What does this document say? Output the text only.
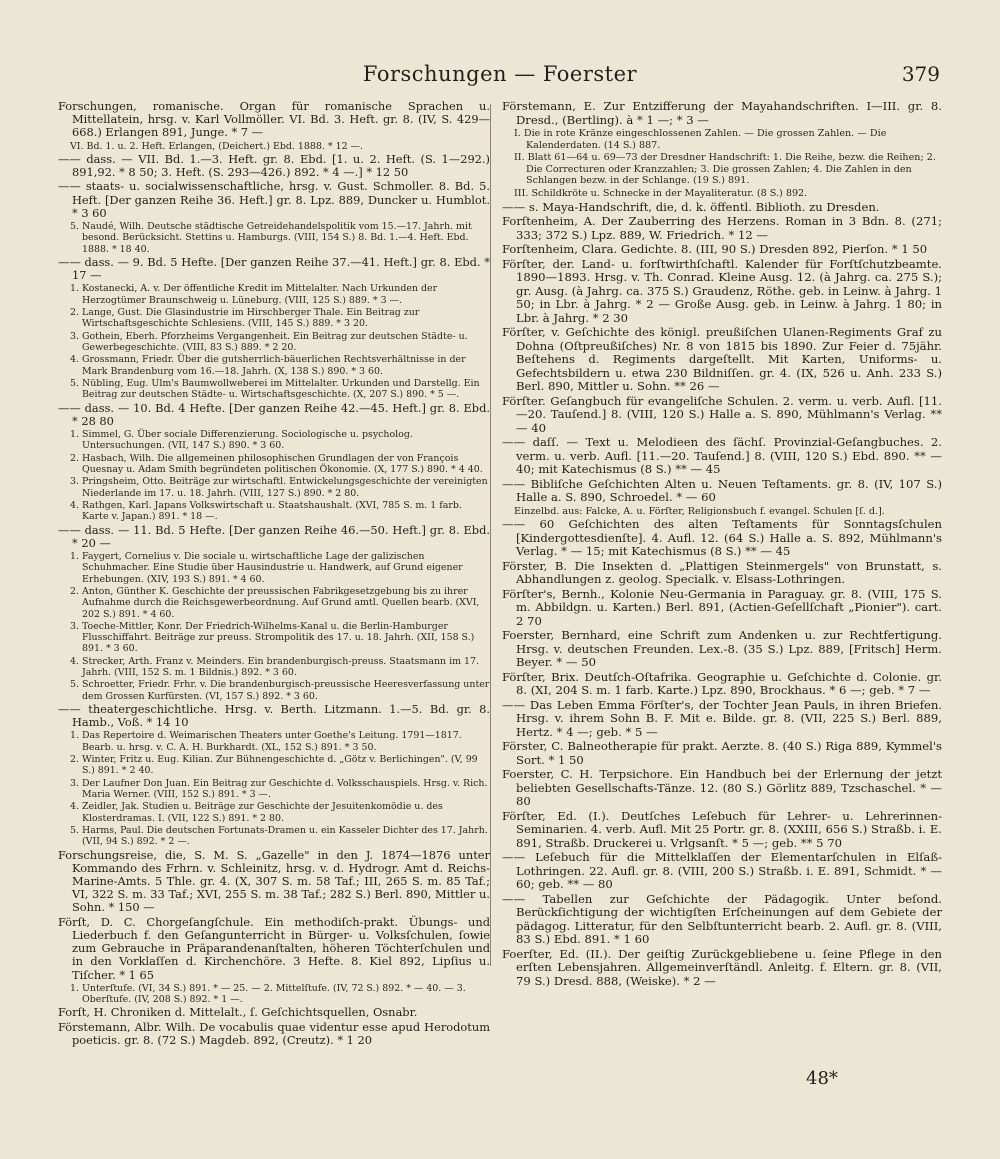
Forschungen — Foerster	379

Forschungen, romanische. Organ für romanische Sprachen u. Mittellatein, hrsg. v. Karl Vollmöller. VI. Bd. 3. Heft. gr. 8. (IV, S. 429—668.) Erlangen 891, Junge. * 7 —

VI. Bd. 1. u. 2. Heft. Erlangen, (Deichert.) Ebd. 1888. * 12 —.

—— dass. — VII. Bd. 1.—3. Heft. gr. 8. Ebd. [1. u. 2. Heft. (S. 1—292.) 891,92. * 8 50; 3. Heft. (S. 293—426.) 892. * 4 —.] * 12 50

—— staats- u. socialwissenschaftliche, hrsg. v. Gust. Schmoller. 8. Bd. 5. Heft. [Der ganzen Reihe 36. Heft.] gr. 8. Lpz. 889, Duncker u. Humblot. * 3 60

5. Naudé, Wilh. Deutsche städtische Getreidehandelspolitik vom 15.—17. Jahrh. mit besond. Berücksicht. Stettins u. Hamburgs. (VIII, 154 S.) 8. Bd. 1.—4. Heft. Ebd. 1888. * 18 40.

—— dass. — 9. Bd. 5 Hefte. [Der ganzen Reihe 37.—41. Heft.] gr. 8. Ebd. * 17 —

1. Kostanecki, A. v. Der öffentliche Kredit im Mittelalter. Nach Urkunden der Herzogtümer Braunschweig u. Lüneburg. (VIII, 125 S.) 889. * 3 —.

2. Lange, Gust. Die Glasindustrie im Hirschberger Thale. Ein Beitrag zur Wirtschaftsgeschichte Schlesiens. (VIII, 145 S.) 889. * 3 20.

3. Gothein, Eberh. Pforzheims Vergangenheit. Ein Beitrag zur deutschen Städte- u. Gewerbegeschichte. (VIII, 83 S.) 889. * 2 20.

4. Grossmann, Friedr. Über die gutsherrlich-bäuerlichen Rechtsverhältnisse in der Mark Brandenburg vom 16.—18. Jahrh. (X, 138 S.) 890. * 3 60.

5. Nübling, Eug. Ulm's Baumwollweberei im Mittelalter. Urkunden und Darstellg. Ein Beitrag zur deutschen Städte- u. Wirtschaftsgeschichte. (X, 207 S.) 890. * 5 —.

—— dass. — 10. Bd. 4 Hefte. [Der ganzen Reihe 42.—45. Heft.] gr. 8. Ebd. * 28 80

1. Simmel, G. Über sociale Differenzierung. Sociologische u. psycholog. Untersuchungen. (VII, 147 S.) 890. * 3 60.

2. Hasbach, Wilh. Die allgemeinen philosophischen Grundlagen der von François Quesnay u. Adam Smith begründeten politischen Ökonomie. (X, 177 S.) 890. * 4 40.

3. Pringsheim, Otto. Beiträge zur wirtschaftl. Entwickelungsgeschichte der vereinigten Niederlande im 17. u. 18. Jahrh. (VIII, 127 S.) 890. * 2 80.

4. Rathgen, Karl. Japans Volkswirtschaft u. Staatshaushalt. (XVI, 785 S. m. 1 farb. Karte v. Japan.) 891. * 18 —.

—— dass. — 11. Bd. 5 Hefte. [Der ganzen Reihe 46.—50. Heft.] gr. 8. Ebd. * 20 —

1. Faygert, Cornelius v. Die sociale u. wirtschaftliche Lage der galizischen Schuhmacher. Eine Studie über Hausindustrie u. Handwerk, auf Grund eigener Erhebungen. (XIV, 193 S.) 891. * 4 60.

2. Anton, Günther K. Geschichte der preussischen Fabrikgesetzgebung bis zu ihrer Aufnahme durch die Reichsgewerbeordnung. Auf Grund amtl. Quellen bearb. (XVI, 202 S.) 891. * 4 60.

3. Toeche-Mittler, Konr. Der Friedrich-Wilhelms-Kanal u. die Berlin-Hamburger Flusschiffahrt. Beiträge zur preuss. Strompolitik des 17. u. 18. Jahrh. (XII, 158 S.) 891. * 3 60.

4. Strecker, Arth. Franz v. Meinders. Ein brandenburgisch-preuss. Staatsmann im 17. Jahrh. (VIII, 152 S. m. 1 Bildnis.) 892. * 3 60.

5. Schroetter, Friedr. Frhr. v. Die brandenburgisch-preussische Heeresverfassung unter dem Grossen Kurfürsten. (VI, 157 S.) 892. * 3 60.

—— theatergeschichtliche. Hrsg. v. Berth. Litzmann. 1.—5. Bd. gr. 8. Hamb., Voß. * 14 10

1. Das Repertoire d. Weimarischen Theaters unter Goethe's Leitung. 1791—1817. Bearb. u. hrsg. v. C. A. H. Burkhardt. (XL, 152 S.) 891. * 3 50.

2. Winter, Fritz u. Eug. Kilian. Zur Bühnengeschichte d. „Götz v. Berlichingen". (V, 99 S.) 891. * 2 40.

3. Der Laufner Don Juan. Ein Beitrag zur Geschichte d. Volksschauspiels. Hrsg. v. Rich. Maria Werner. (VIII, 152 S.) 891. * 3 —.

4. Zeidler, Jak. Studien u. Beiträge zur Geschichte der Jesuitenkomödie u. des Klosterdramas. I. (VII, 122 S.) 891. * 2 80.

5. Harms, Paul. Die deutschen Fortunats-Dramen u. ein Kasseler Dichter des 17. Jahrh. (VII, 94 S.) 892. * 2 —.

Forschungsreise, die, S. M. S. „Gazelle" in den J. 1874—1876 unter Kommando des Frhrn. v. Schleinitz, hrsg. v. d. Hydrogr. Amt d. Reichs-Marine-Amts. 5 Thle. gr. 4. (X, 307 S. m. 58 Taf.; III, 265 S. m. 85 Taf.; VI, 322 S. m. 33 Taf.; XVI, 255 S. m. 38 Taf.; 282 S.) Berl. 890, Mittler u. Sohn. * 150 —

Förſt, D. C. Chorgeſangſchule. Ein methodiſch-prakt. Übungs- und Liederbuch f. den Geſangunterricht in Bürger- u. Volksſchulen, ſowie zum Gebrauche in Präparandenanſtalten, höheren Töchterſchulen und in den Vorklaſſen d. Kirchenchöre. 3 Hefte. 8. Kiel 892, Lipſius u. Tiſcher. * 1 65

1. Unterſtufe. (VI, 34 S.) 891. * — 25. — 2. Mittelſtufe. (IV, 72 S.) 892. * — 40. — 3. Oberſtufe. (IV, 208 S.) 892. * 1 —.

Forſt, H. Chroniken d. Mittelalt., ſ. Geſchichtsquellen, Osnabr.

Förstemann, Albr. Wilh. De vocabulis quae videntur esse apud Herodotum poeticis. gr. 8. (72 S.) Magdeb. 892, (Creutz). * 1 20

Förstemann, E. Zur Entzifferung der Mayahandschriften. I—III. gr. 8. Dresd., (Bertling). à * 1 —; * 3 —

I. Die in rote Kränze eingeschlossenen Zahlen. — Die grossen Zahlen. — Die Kalenderdaten. (14 S.) 887.

II. Blatt 61—64 u. 69—73 der Dresdner Handschrift: 1. Die Reihe, bezw. die Reihen; 2. Die Correcturen oder Kranzzahlen; 3. Die grossen Zahlen; 4. Die Zahlen in den Schlangen bezw. in der Schlange. (19 S.) 891.

III. Schildkröte u. Schnecke in der Mayaliteratur. (8 S.) 892.

—— s. Maya-Handschrift, die, d. k. öffentl. Biblioth. zu Dresden.

Forſtenheim, A. Der Zauberring des Herzens. Roman in 3 Bdn. 8. (271; 333; 372 S.) Lpz. 889, W. Friedrich. * 12 —

Forſtenheim, Clara. Gedichte. 8. (III, 90 S.) Dresden 892, Pierſon. * 1 50

Förſter, der. Land- u. forſtwirthſchaftl. Kalender für Forſtſchutzbeamte. 1890—1893. Hrsg. v. Th. Conrad. Kleine Ausg. 12. (à Jahrg. ca. 275 S.); gr. Ausg. (à Jahrg. ca. 375 S.) Graudenz, Röthe. geb. in Leinw. à Jahrg. 1 50; in Lbr. à Jahrg. * 2 — Große Ausg. geb. in Leinw. à Jahrg. 1 80; in Lbr. à Jahrg. * 2 30

Förſter, v. Geſchichte des königl. preußiſchen Ulanen-Regiments Graf zu Dohna (Oſtpreußiſches) Nr. 8 von 1815 bis 1890. Zur Feier d. 75jähr. Beſtehens d. Regiments dargeſtellt. Mit Karten, Uniforms- u. Gefechtsbildern u. etwa 230 Bildniſſen. gr. 4. (IX, 526 u. Anh. 233 S.) Berl. 890, Mittler u. Sohn. ** 26 —

Förſter. Geſangbuch für evangeliſche Schulen. 2. verm. u. verb. Aufl. [11.—20. Tauſend.] 8. (VIII, 120 S.) Halle a. S. 890, Mühlmann's Verlag. ** — 40

—— daſſ. — Text u. Melodieen des ſächſ. Provinzial-Geſangbuches. 2. verm. u. verb. Aufl. [11.—20. Tauſend.] 8. (VIII, 120 S.) Ebd. 890. ** — 40; mit Katechismus (8 S.) ** — 45

—— Bibliſche Geſchichten Alten u. Neuen Teſtaments. gr. 8. (IV, 107 S.) Halle a. S. 890, Schroedel. * — 60

Einzelbd. aus: Falcke, A. u. Förſter, Religionsbuch f. evangel. Schulen [ſ. d.].

—— 60 Geſchichten des alten Teſtaments für Sonntagsſchulen [Kindergottesdienſte]. 4. Aufl. 12. (64 S.) Halle a. S. 892, Mühlmann's Verlag. * — 15; mit Katechismus (8 S.) ** — 45

Förster, B. Die Insekten d. „Plattigen Steinmergels" von Brunstatt, s. Abhandlungen z. geolog. Specialk. v. Elsass-Lothringen.

Förſter's, Bernh., Kolonie Neu-Germania in Paraguay. gr. 8. (VIII, 175 S. m. Abbildgn. u. Karten.) Berl. 891, (Actien-Geſellſchaft „Pionier"). cart. 2 70

Foerster, Bernhard, eine Schrift zum Andenken u. zur Rechtfertigung. Hrsg. v. deutschen Freunden. Lex.-8. (35 S.) Lpz. 889, [Fritsch] Herm. Beyer. * — 50

Förſter, Brix. Deutſch-Oſtafrika. Geographie u. Geſchichte d. Colonie. gr. 8. (XI, 204 S. m. 1 farb. Karte.) Lpz. 890, Brockhaus. * 6 —; geb. * 7 —

—— Das Leben Emma Förſter's, der Tochter Jean Pauls, in ihren Briefen. Hrsg. v. ihrem Sohn B. F. Mit e. Bilde. gr. 8. (VII, 225 S.) Berl. 889, Hertz. * 4 —; geb. * 5 —

Förster, C. Balneotherapie für prakt. Aerzte. 8. (40 S.) Riga 889, Kymmel's Sort. * 1 50

Foerster, C. H. Terpsichore. Ein Handbuch bei der Erlernung der jetzt beliebten Gesellschafts-Tänze. 12. (80 S.) Görlitz 889, Tzschaschel. * — 80

Förſter, Ed. (I.). Deutſches Leſebuch für Lehrer- u. Lehrerinnen-Seminarien. 4. verb. Aufl. Mit 25 Portr. gr. 8. (XXIII, 656 S.) Straßb. i. E. 891, Straßb. Druckerei u. Vrlgsanſt. * 5 —; geb. ** 5 70

—— Leſebuch für die Mittelklaſſen der Elementarſchulen in Elſaß-Lothringen. 22. Aufl. gr. 8. (VIII, 200 S.) Straßb. i. E. 891, Schmidt. * — 60; geb. ** — 80

—— Tabellen zur Geſchichte der Pädagogik. Unter beſond. Berückſichtigung der wichtigſten Erſcheinungen auf dem Gebiete der pädagog. Litteratur, für den Selbſtunterricht bearb. 2. Aufl. gr. 8. (VIII, 83 S.) Ebd. 891. * 1 60

Foerſter, Ed. (II.). Der geiſtig Zurückgebliebene u. ſeine Pflege in den erſten Lebensjahren. Allgemeinverſtändl. Anleitg. f. Eltern. gr. 8. (VII, 79 S.) Dresd. 888, (Weiske). * 2 —

48*
